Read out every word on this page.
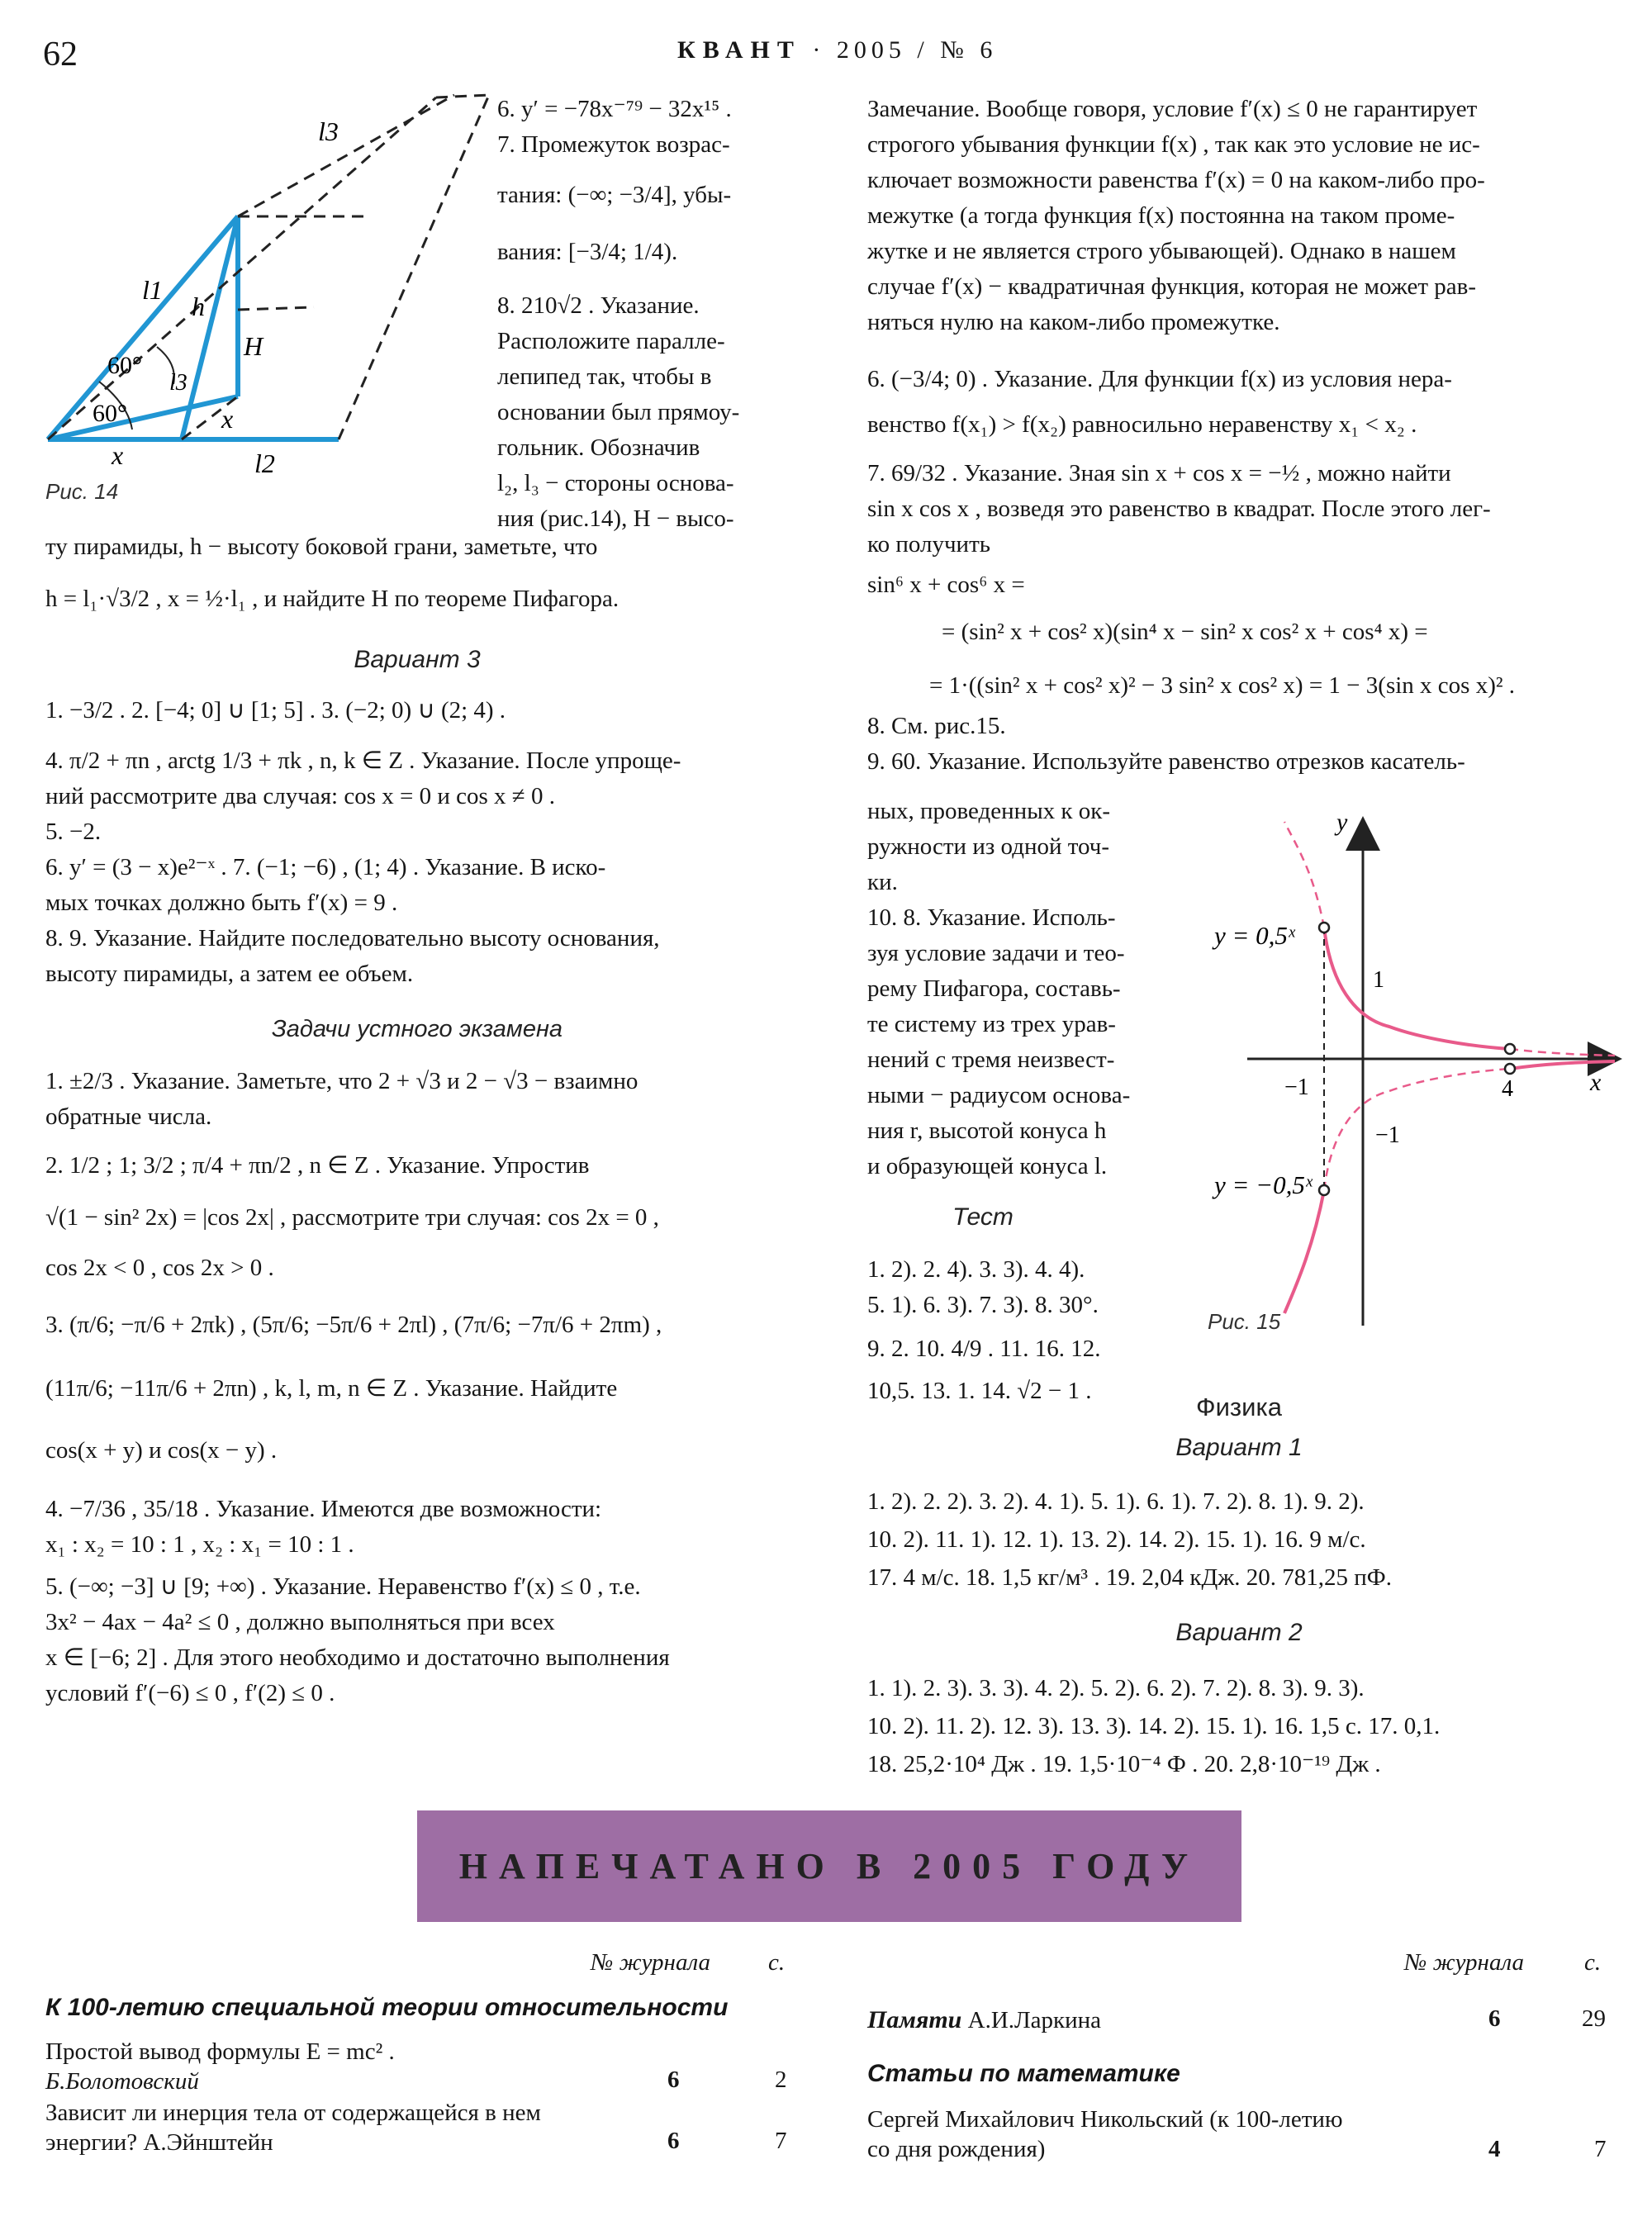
62	КВАНТ · 2005 / № 6
l3
l1
h
60°
l3
60°
H
x
x	l2
Рис. 14

6. y′ = −78x⁻⁷⁹ − 32x¹⁵ .

7. Промежуток возрас-

тания: (−∞; −3/4], убы-

вания: [−3/4; 1/4).

8. 210√2 . Указание.

Расположите паралле-

лепипед так, чтобы в

основании был прямоу-

гольник. Обозначив

l₂, l₃ − стороны основа-

ния (рис.14), H − высо-

ту пирамиды, h − высоту боковой грани, заметьте, что

h = l₁·√3/2 , x = ½·l₁ , и найдите H по теореме Пифагора.

Вариант 3

1. −3/2 . 2. [−4; 0] ∪ [1; 5] . 3. (−2; 0) ∪ (2; 4) .

4. π/2 + πn , arctg 1/3 + πk , n, k ∈ Z . Указание. После упроще-

ний рассмотрите два случая: cos x = 0 и cos x ≠ 0 .

5. −2.

6. y′ = (3 − x)e²⁻ˣ . 7. (−1; −6) , (1; 4) . Указание. В иско-

мых точках должно быть f′(x) = 9 .

8. 9. Указание. Найдите последовательно высоту основания,

высоту пирамиды, а затем ее объем.

Задачи устного экзамена

1. ±2/3 . Указание. Заметьте, что 2 + √3 и 2 − √3 − взаимно

обратные числа.

2. 1/2 ; 1; 3/2 ; π/4 + πn/2 , n ∈ Z . Указание. Упростив

√(1 − sin² 2x) = |cos 2x| , рассмотрите три случая: cos 2x = 0 ,

cos 2x < 0 , cos 2x > 0 .

3. (π/6; −π/6 + 2πk) , (5π/6; −5π/6 + 2πl) , (7π/6; −7π/6 + 2πm) ,

(11π/6; −11π/6 + 2πn) , k, l, m, n ∈ Z . Указание. Найдите

cos(x + y) и cos(x − y) .

4. −7/36 , 35/18 . Указание. Имеются две возможности:

x₁ : x₂ = 10 : 1 , x₂ : x₁ = 10 : 1 .

5. (−∞; −3] ∪ [9; +∞) . Указание. Неравенство f′(x) ≤ 0 , т.е.

3x² − 4ax − 4a² ≤ 0 , должно выполняться при всех

x ∈ [−6; 2] . Для этого необходимо и достаточно выполнения

условий f′(−6) ≤ 0 , f′(2) ≤ 0 .

Замечание. Вообще говоря, условие f′(x) ≤ 0 не гарантирует

строгого убывания функции f(x) , так как это условие не ис-

ключает возможности равенства f′(x) = 0 на каком-либо про-

межутке (а тогда функция f(x) постоянна на таком проме-

жутке и не является строго убывающей). Однако в нашем

случае f′(x) − квадратичная функция, которая не может рав-

няться нулю на каком-либо промежутке.

6. (−3/4; 0) . Указание. Для функции f(x) из условия нера-

венство f(x₁) > f(x₂) равносильно неравенству x₁ < x₂ .

7. 69/32 . Указание. Зная sin x + cos x = −½ , можно найти

sin x cos x , возведя это равенство в квадрат. После этого лег-

ко получить

sin⁶ x + cos⁶ x =

= (sin² x + cos² x)(sin⁴ x − sin² x cos² x + cos⁴ x) =

= 1·((sin² x + cos² x)² − 3 sin² x cos² x) = 1 − 3(sin x cos x)² .

8. См. рис.15.

9. 60. Указание. Используйте равенство отрезков касатель-

ных, проведенных к ок-

ружности из одной точ-

ки.

10. 8. Указание. Исполь-

зуя условие задачи и тео-

рему Пифагора, составь-

те систему из трех урав-

нений с тремя неизвест-

ными − радиусом основа-

ния r, высотой конуса h

и образующей конуса l.

Тест

1. 2). 2. 4). 3. 3). 4. 4).

5. 1). 6. 3). 7. 3). 8. 30°.

9. 2. 10. 4/9 . 11. 16. 12.

10,5. 13. 1. 14. √2 − 1 .

y
x
y = 0,5ˣ
y = −0,5ˣ
1
−1
−1
4
Рис. 15
Физика
Вариант 1

1. 2). 2. 2). 3. 2). 4. 1). 5. 1). 6. 1). 7. 2). 8. 1). 9. 2).

10. 2). 11. 1). 12. 1). 13. 2). 14. 2). 15. 1). 16. 9 м/с.

17. 4 м/с. 18. 1,5 кг/м³ . 19. 2,04 кДж. 20. 781,25 пФ.

Вариант 2

1. 1). 2. 3). 3. 3). 4. 2). 5. 2). 6. 2). 7. 2). 8. 3). 9. 3).

10. 2). 11. 2). 12. 3). 13. 3). 14. 2). 15. 1). 16. 1,5 с. 17. 0,1.

18. 25,2·10⁴ Дж . 19. 1,5·10⁻⁴ Ф . 20. 2,8·10⁻¹⁹ Дж .

НАПЕЧАТАНО В 2005 ГОДУ
№ журнала с.
К 100-летию специальной теории относительности
Простой вывод формулы E = mc² .
Б.Болотовский	6	2
Зависит ли инерция тела от содержащейся в нем
энергии? А.Эйнштейн	6	7
№ журнала	с.
Памяти А.И.Ларкина	6	29
Статьи по математике
Сергей Михайлович Никольский (к 100-летию
со дня рождения)	4	7
